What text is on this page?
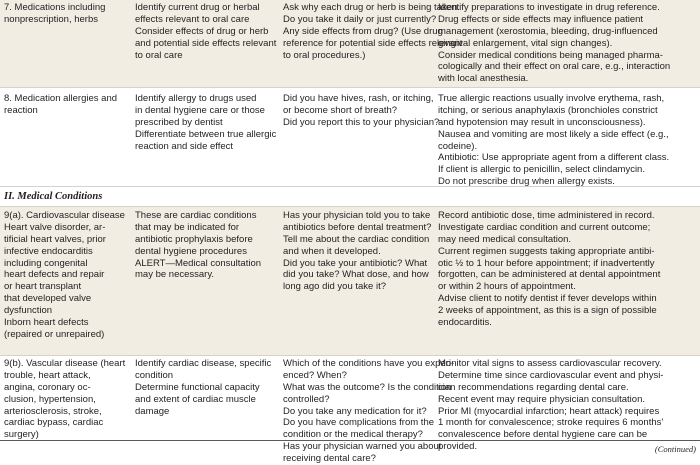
7. Medications including
nonprescription, herbs
Identify current drug or herbal
effects relevant to oral care
Consider effects of drug or herb
and potential side effects relevant
to oral care
Ask why each drug or herb is being taken.
Do you take it daily or just currently?
Any side effects from drug? (Use drug
reference for potential side effects relevant
to oral procedures.)
Identify preparations to investigate in drug reference.
Drug effects or side effects may influence patient
management (xerostomia, bleeding, drug-influenced
gingival enlargement, vital sign changes).
Consider medical conditions being managed pharma-
cologically and their effect on oral care, e.g., interaction
with local anesthesia.
8. Medication allergies and
reaction
Identify allergy to drugs used
in dental hygiene care or those
prescribed by dentist
Differentiate between true allergic
reaction and side effect
Did you have hives, rash, or itching,
or become short of breath?
Did you report this to your physician?
True allergic reactions usually involve erythema, rash,
itching, or serious anaphylaxis (bronchioles constrict
and hypotension may result in unconsciousness).
Nausea and vomiting are most likely a side effect (e.g.,
codeine).
Antibiotic: Use appropriate agent from a different class.
If client is allergic to penicillin, select clindamycin.
Do not prescribe drug when allergy exists.
II. Medical Conditions
9(a). Cardiovascular disease
Heart valve disorder, ar-
tificial heart valves, prior
infective endocarditis
including congenital
heart defects and repair
or heart transplant
that developed valve
dysfunction
Inborn heart defects
(repaired or unrepaired)
These are cardiac conditions
that may be indicated for
antibiotic prophylaxis before
dental hygiene procedures
ALERT—Medical consultation
may be necessary.
Has your physician told you to take
antibiotics before dental treatment?
Tell me about the cardiac condition
and when it developed.
Did you take your antibiotic? What
did you take? What dose, and how
long ago did you take it?
Record antibiotic dose, time administered in record.
Investigate cardiac condition and current outcome;
may need medical consultation.
Current regimen suggests taking appropriate antibi-
otic ½ to 1 hour before appointment; if inadvertently
forgotten, can be administered at dental appointment
or within 2 hours of appointment.
Advise client to notify dentist if fever develops within
2 weeks of appointment, as this is a sign of possible
endocarditis.
9(b). Vascular disease (heart
trouble, heart attack,
angina, coronary oc-
clusion, hypertension,
arteriosclerosis, stroke,
cardiac bypass, cardiac
surgery)
Identify cardiac disease, specific
condition
Determine functional capacity
and extent of cardiac muscle
damage
Which of the conditions have you experi-
enced? When?
What was the outcome? Is the condition
controlled?
Do you take any medication for it?
Do you have complications from the
condition or the medical therapy?
Has your physician warned you about
receiving dental care?
Monitor vital signs to assess cardiovascular recovery.
Determine time since cardiovascular event and physi-
cian recommendations regarding dental care.
Recent event may require physician consultation.
Prior MI (myocardial infarction; heart attack) requires
1 month for convalescence; stroke requires 6 months'
convalescence before dental hygiene care can be
provided.	(Continued)
